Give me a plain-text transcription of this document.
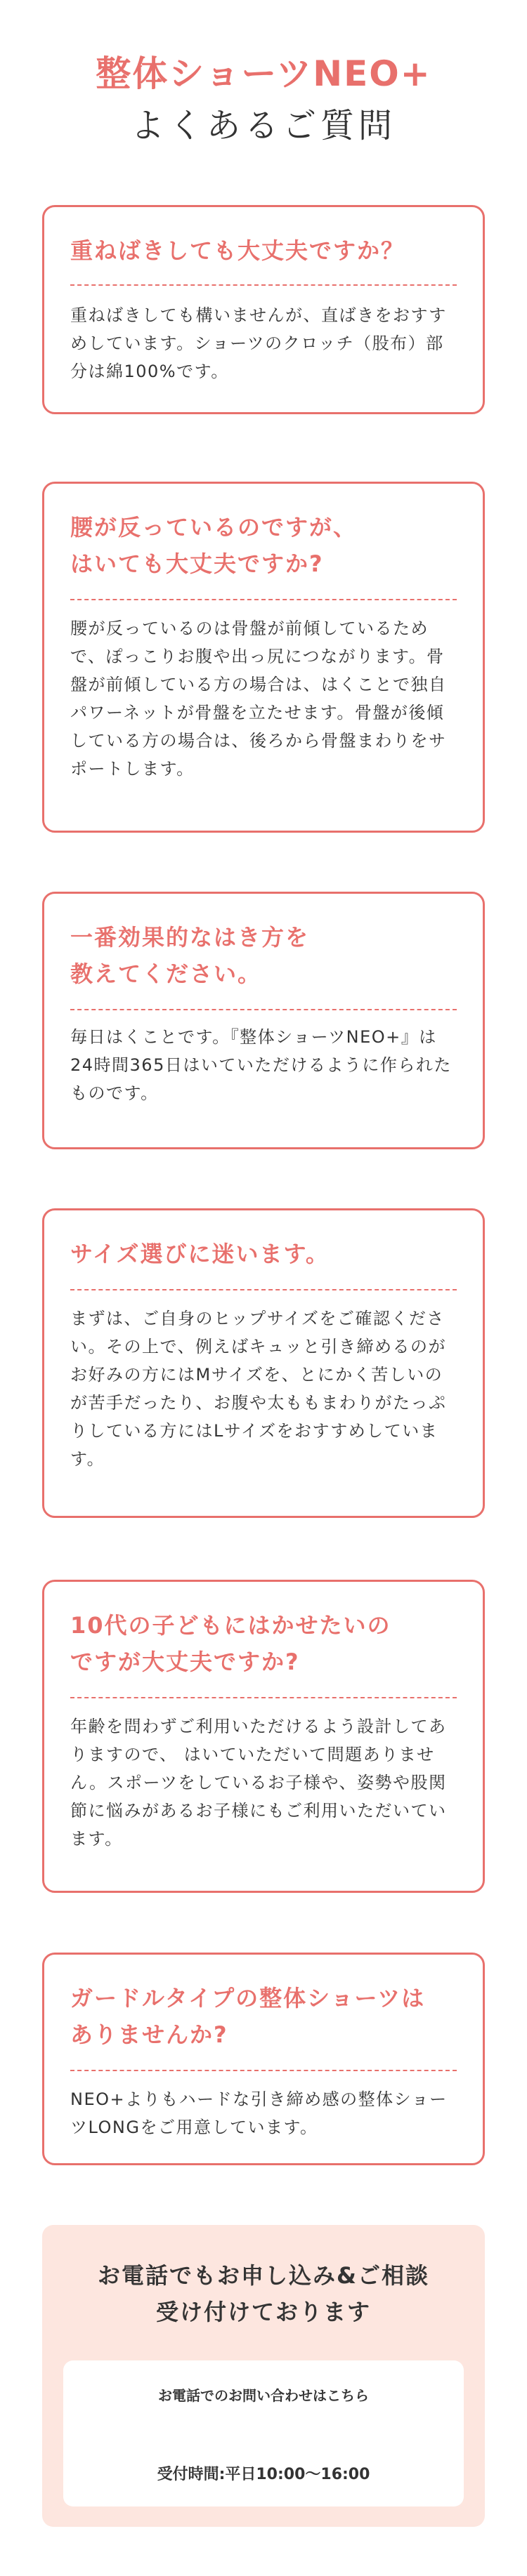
整体ショーツNEO+
よくあるご質問
重ねばきしても大丈夫ですか？
重ねばきしても構いませんが、直ばきをおすすめしています。ショーツのクロッチ（股布）部分は綿100%です。
腰が反っているのですが、
はいても大丈夫ですか?
腰が反っているのは骨盤が前傾しているためで、ぽっこりお腹や出っ尻につながります。骨盤が前傾している方の場合は、はくことで独自パワーネットが骨盤を立たせます。骨盤が後傾している方の場合は、後ろから骨盤まわりをサポートします。
一番効果的なはき方を
教えてください。
毎日はくことです。『整体ショーツNEO+』は24時間365日はいていただけるように作られたものです。
サイズ選びに迷います。
まずは、ご自身のヒップサイズをご確認ください。その上で、例えばキュッと引き締めるのがお好みの方にはMサイズを、とにかく苦しいのが苦手だったり、お腹や太ももまわりがたっぷりしている方にはLサイズをおすすめしています。
10代の子どもにはかせたいの
ですが大丈夫ですか?
年齢を問わずご利用いただけるよう設計してありますので、 はいていただいて問題ありません。スポーツをしているお子様や、姿勢や股関節に悩みがあるお子様にもご利用いただいています。
ガードルタイプの整体ショーツは
ありませんか?
NEO+よりもハードな引き締め感の整体ショーツLONGをご用意しています。
お電話でもお申し込み&ご相談
受け付けております
お電話でのお問い合わせはこちら
受付時間:平日10:00～16:00
